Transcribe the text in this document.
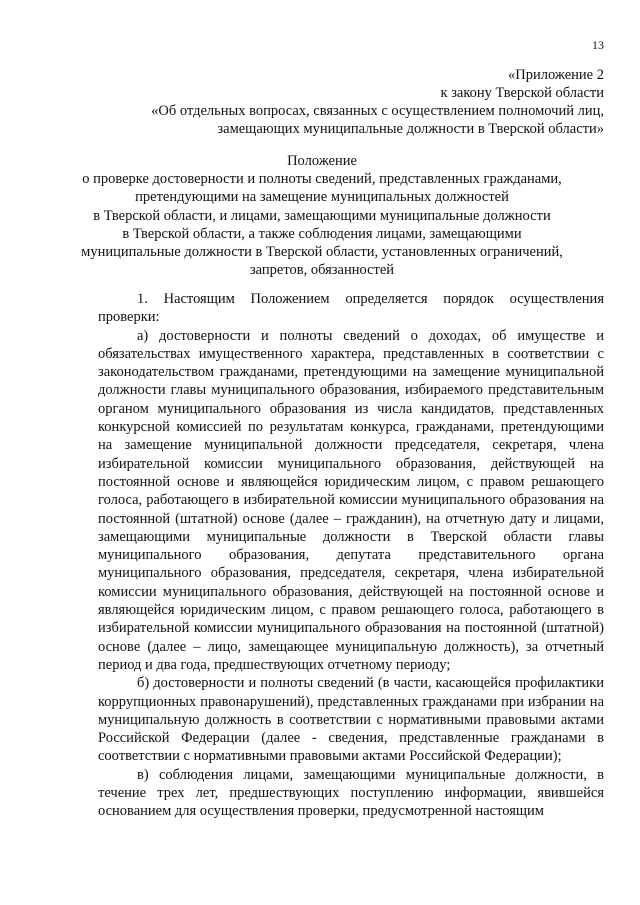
13
«Приложение 2
к закону Тверской области
«Об отдельных вопросах, связанных с осуществлением полномочий лиц,
замещающих муниципальные должности в Тверской области»
Положение
о проверке достоверности и полноты сведений, представленных гражданами,
претендующими на замещение муниципальных должностей
в Тверской области, и лицами, замещающими муниципальные должности
в Тверской области, а также соблюдения лицами, замещающими
муниципальные должности в Тверской области, установленных ограничений,
запретов, обязанностей

1. Настоящим Положением определяется порядок осуществления проверки:

а) достоверности и полноты сведений о доходах, об имуществе и обязательствах имущественного характера, представленных в соответствии с законодательством гражданами, претендующими на замещение муниципальной должности главы муниципального образования, избираемого представительным органом муниципального образования из числа кандидатов, представленных конкурсной комиссией по результатам конкурса, гражданами, претендующими на замещение муниципальной должности председателя, секретаря, члена избирательной комиссии муниципального образования, действующей на постоянной основе и являющейся юридическим лицом, с правом решающего голоса, работающего в избирательной комиссии муниципального образования на постоянной (штатной) основе (далее – гражданин), на отчетную дату и лицами, замещающими муниципальные должности в Тверской области главы муниципального образования, депутата представительного органа муниципального образования, председателя, секретаря, члена избирательной комиссии муниципального образования, действующей на постоянной основе и являющейся юридическим лицом, с правом решающего голоса, работающего в избирательной комиссии муниципального образования на постоянной (штатной) основе (далее – лицо, замещающее муниципальную должность), за отчетный период и два года, предшествующих отчетному периоду;

б) достоверности и полноты сведений (в части, касающейся профилактики коррупционных правонарушений), представленных гражданами при избрании на муниципальную должность в соответствии с нормативными правовыми актами Российской Федерации (далее - сведения, представленные гражданами в соответствии с нормативными правовыми актами Российской Федерации);

в) соблюдения лицами, замещающими муниципальные должности, в течение трех лет, предшествующих поступлению информации, явившейся основанием для осуществления проверки, предусмотренной настоящим
